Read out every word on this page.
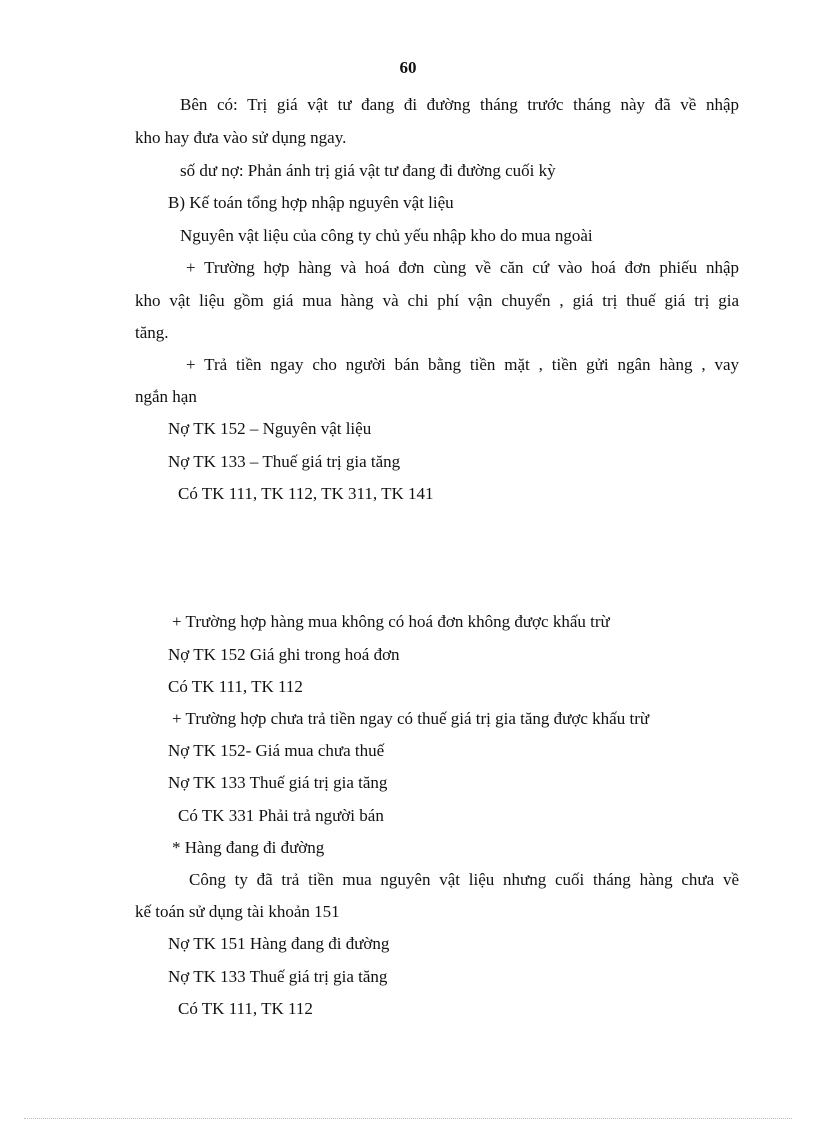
60
Bên có: Trị giá vật tư đang đi đường tháng trước tháng này đã về nhập
kho hay đưa vào sử dụng ngay.
số dư nợ: Phản ánh trị giá vật tư đang đi đường cuối kỳ
B) Kế toán tổng hợp nhập nguyên vật liệu
Nguyên vật liệu của công ty chủ yếu nhập kho do mua ngoài
+ Trường hợp hàng và hoá đơn cùng về căn cứ vào hoá đơn phiếu nhập
kho vật liệu gồm giá mua hàng và chi phí vận chuyển , giá trị thuế giá trị gia
tăng.
+ Trả tiền ngay cho người bán bằng tiền mặt , tiền gửi ngân hàng , vay
ngắn hạn
Nợ TK 152 – Nguyên vật liệu
Nợ TK 133 – Thuế giá trị gia tăng
Có TK 111, TK 112, TK 311, TK 141
+ Trường hợp hàng mua không có hoá đơn không được khấu trừ
Nợ TK 152 Giá ghi trong hoá đơn
Có TK 111, TK 112
+ Trường hợp chưa trả tiền ngay có thuế giá trị gia tăng được khấu trừ
Nợ TK 152- Giá mua chưa thuế
Nợ TK 133 Thuế giá trị gia tăng
Có TK 331 Phải trả người bán
* Hàng đang đi đường
Công ty đã trả tiền mua nguyên vật liệu nhưng cuối tháng hàng chưa về
kế toán sử dụng tài khoản 151
Nợ TK 151 Hàng đang đi đường
Nợ TK 133 Thuế giá trị gia tăng
Có TK 111, TK 112
